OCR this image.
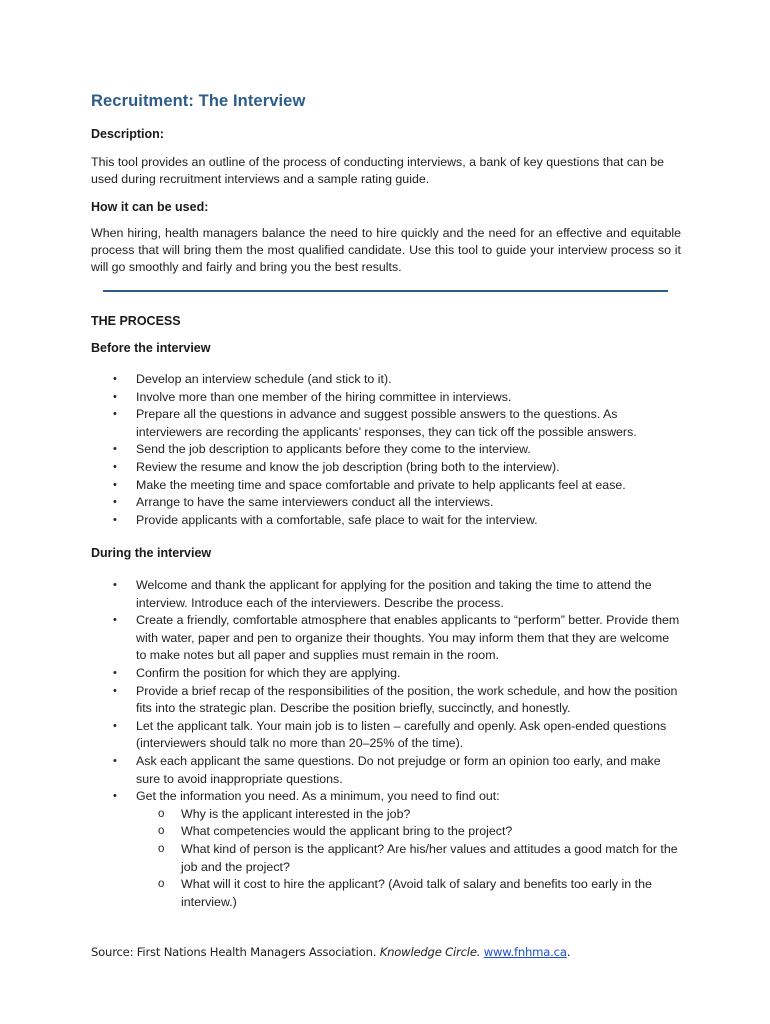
Recruitment: The Interview
Description:

This tool provides an outline of the process of conducting interviews, a bank of key questions that can be used during recruitment interviews and a sample rating guide.

How it can be used:

When hiring, health managers balance the need to hire quickly and the need for an effective and equitable process that will bring them the most qualified candidate. Use this tool to guide your interview process so it will go smoothly and fairly and bring you the best results.

THE PROCESS
Before the interview
• Develop an interview schedule (and stick to it).
• Involve more than one member of the hiring committee in interviews.
• Prepare all the questions in advance and suggest possible answers to the questions. As interviewers are recording the applicants’ responses, they can tick off the possible answers.
• Send the job description to applicants before they come to the interview.
• Review the resume and know the job description (bring both to the interview).
• Make the meeting time and space comfortable and private to help applicants feel at ease.
• Arrange to have the same interviewers conduct all the interviews.
• Provide applicants with a comfortable, safe place to wait for the interview.
During the interview
• Welcome and thank the applicant for applying for the position and taking the time to attend the interview. Introduce each of the interviewers. Describe the process.
• Create a friendly, comfortable atmosphere that enables applicants to “perform” better. Provide them with water, paper and pen to organize their thoughts. You may inform them that they are welcome to make notes but all paper and supplies must remain in the room.
• Confirm the position for which they are applying.
• Provide a brief recap of the responsibilities of the position, the work schedule, and how the position fits into the strategic plan. Describe the position briefly, succinctly, and honestly.
• Let the applicant talk. Your main job is to listen – carefully and openly. Ask open-ended questions (interviewers should talk no more than 20–25% of the time).
• Ask each applicant the same questions. Do not prejudge or form an opinion too early, and make sure to avoid inappropriate questions.
• Get the information you need. As a minimum, you need to find out:
o Why is the applicant interested in the job?
o What competencies would the applicant bring to the project?
o What kind of person is the applicant? Are his/her values and attitudes a good match for the job and the project?
o What will it cost to hire the applicant? (Avoid talk of salary and benefits too early in the interview.)

Source: First Nations Health Managers Association. Knowledge Circle. www.fnhma.ca.
